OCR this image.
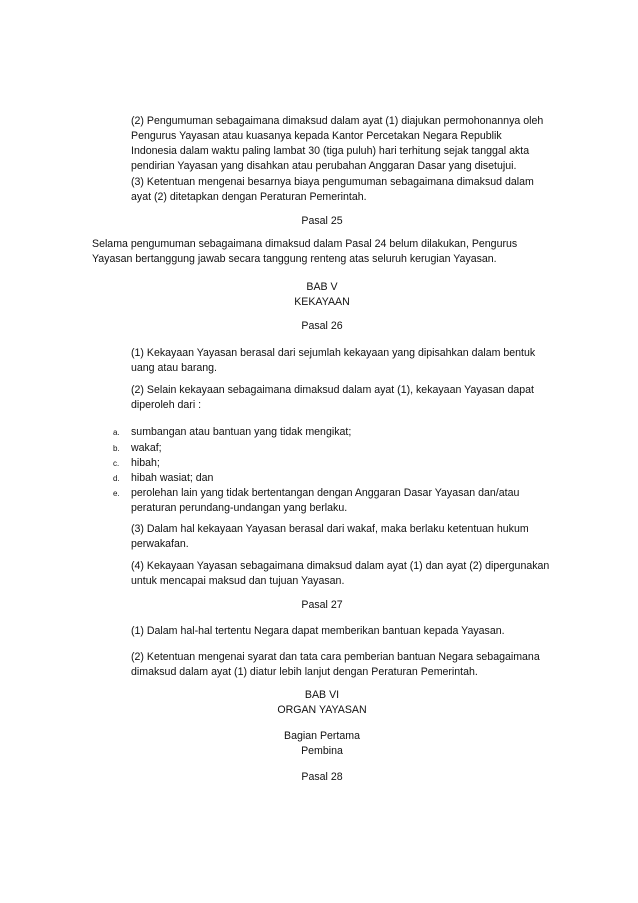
(2) Pengumuman sebagaimana dimaksud dalam ayat (1) diajukan permohonannya oleh
Pengurus Yayasan atau kuasanya kepada Kantor Percetakan Negara Republik
Indonesia dalam waktu paling lambat 30 (tiga puluh) hari terhitung sejak tanggal akta
pendirian Yayasan yang disahkan atau perubahan Anggaran Dasar yang disetujui.
(3) Ketentuan mengenai besarnya biaya pengumuman sebagaimana dimaksud dalam
ayat (2) ditetapkan dengan Peraturan Pemerintah.
Pasal 25
Selama pengumuman sebagaimana dimaksud dalam Pasal 24 belum dilakukan, Pengurus
Yayasan bertanggung jawab secara tanggung renteng atas seluruh kerugian Yayasan.
BAB V
KEKAYAAN
Pasal 26
(1) Kekayaan Yayasan berasal dari sejumlah kekayaan yang dipisahkan dalam bentuk
uang atau barang.
(2) Selain kekayaan sebagaimana dimaksud dalam ayat (1), kekayaan Yayasan dapat
diperoleh dari :
a. sumbangan atau bantuan yang tidak mengikat;
b. wakaf;
c. hibah;
d. hibah wasiat; dan
e. perolehan lain yang tidak bertentangan dengan Anggaran Dasar Yayasan dan/atau
peraturan perundang-undangan yang berlaku.
(3) Dalam hal kekayaan Yayasan berasal dari wakaf, maka berlaku ketentuan hukum
perwakafan.
(4) Kekayaan Yayasan sebagaimana dimaksud dalam ayat (1) dan ayat (2) dipergunakan
untuk mencapai maksud dan tujuan Yayasan.
Pasal 27
(1) Dalam hal-hal tertentu Negara dapat memberikan bantuan kepada Yayasan.
(2) Ketentuan mengenai syarat dan tata cara pemberian bantuan Negara sebagaimana
dimaksud dalam ayat (1) diatur lebih lanjut dengan Peraturan Pemerintah.
BAB VI
ORGAN YAYASAN
Bagian Pertama
Pembina
Pasal 28
